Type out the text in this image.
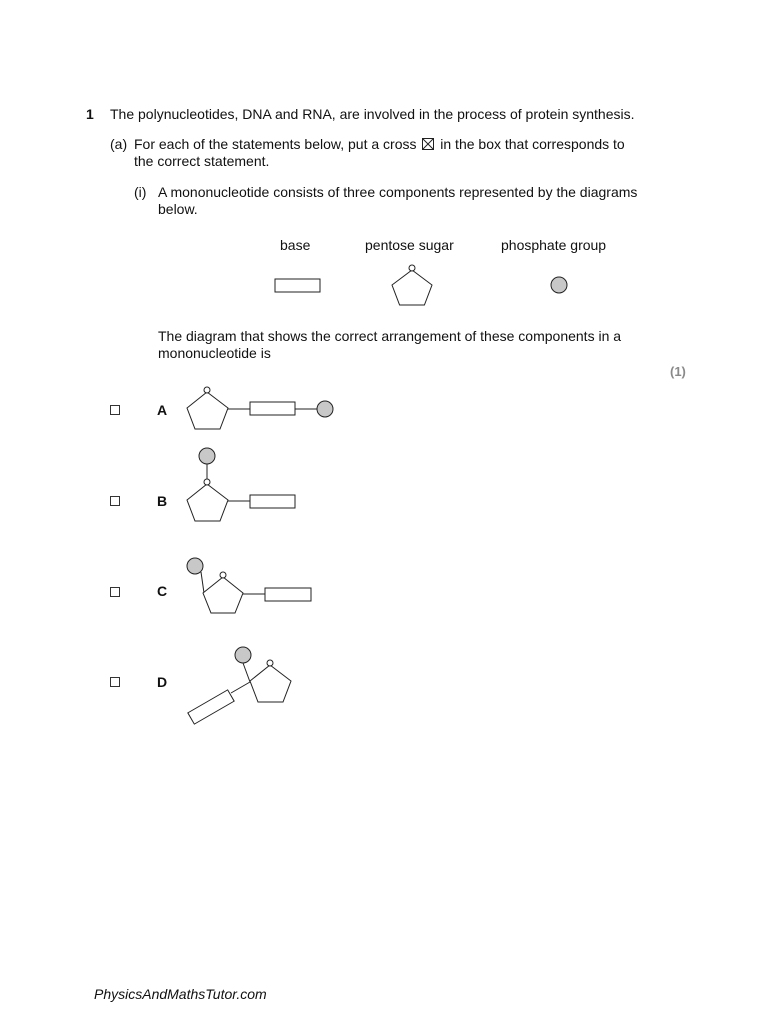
1 The polynucleotides, DNA and RNA, are involved in the process of protein synthesis.
(a) For each of the statements below, put a cross ☒ in the box that corresponds to
the correct statement.
(i) A mononucleotide consists of three components represented by the diagrams
below.
base	pentose sugar	phosphate group
The diagram that shows the correct arrangement of these components in a
mononucleotide is
(1)
A
B
C
D
PhysicsAndMathsTutor.com
